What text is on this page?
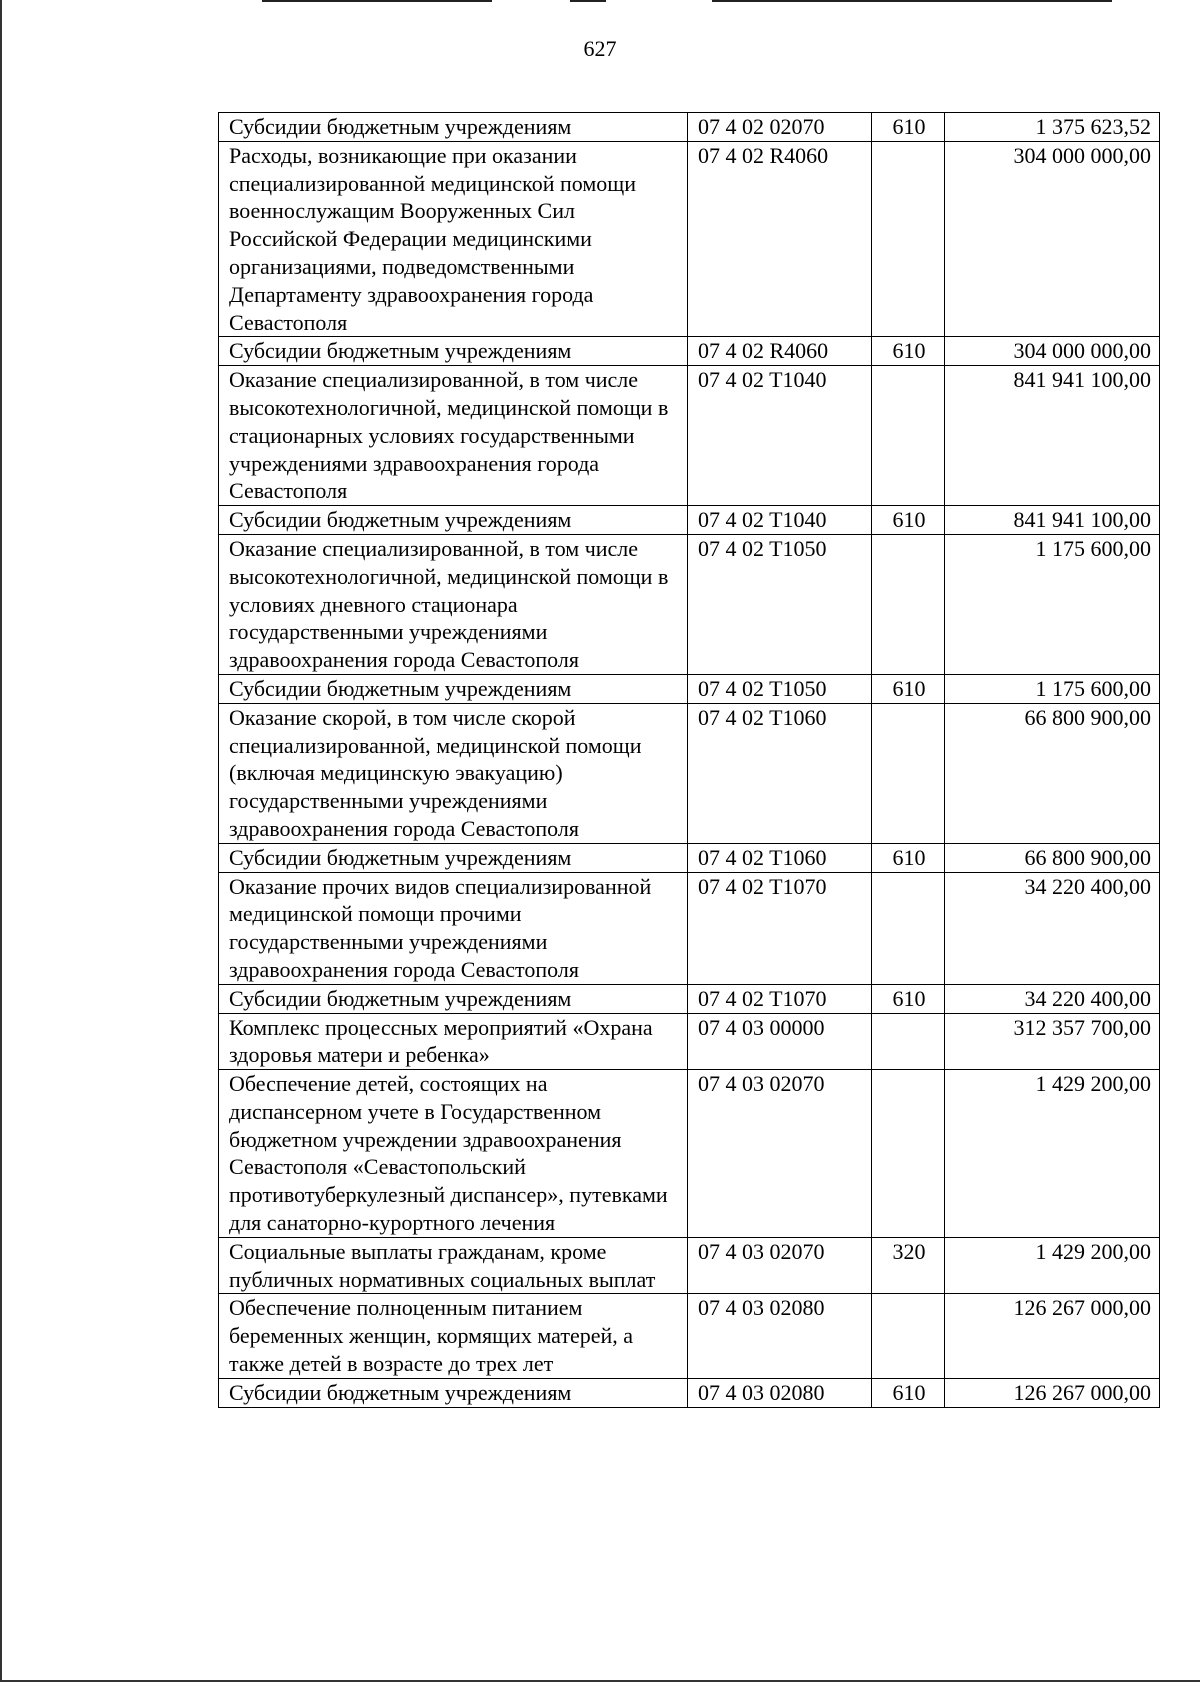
627
Субсидии бюджетным учреждениям	07 4 02 02070	610	1 375 623,52
Расходы, возникающие при оказании специализированной медицинской помощи военнослужащим Вооруженных Сил Российской Федерации медицинскими организациями, подведомственными Департаменту здравоохранения города Севастополя	07 4 02 R4060		304 000 000,00
Субсидии бюджетным учреждениям	07 4 02 R4060	610	304 000 000,00
Оказание специализированной, в том числе высокотехнологичной, медицинской помощи в стационарных условиях государственными учреждениями здравоохранения города Севастополя	07 4 02 T1040		841 941 100,00
Субсидии бюджетным учреждениям	07 4 02 T1040	610	841 941 100,00
Оказание специализированной, в том числе высокотехнологичной, медицинской помощи в условиях дневного стационара государственными учреждениями здравоохранения города Севастополя	07 4 02 T1050		1 175 600,00
Субсидии бюджетным учреждениям	07 4 02 T1050	610	1 175 600,00
Оказание скорой, в том числе скорой специализированной, медицинской помощи (включая медицинскую эвакуацию) государственными учреждениями здравоохранения города Севастополя	07 4 02 T1060		66 800 900,00
Субсидии бюджетным учреждениям	07 4 02 T1060	610	66 800 900,00
Оказание прочих видов специализированной медицинской помощи прочими государственными учреждениями здравоохранения города Севастополя	07 4 02 T1070		34 220 400,00
Субсидии бюджетным учреждениям	07 4 02 T1070	610	34 220 400,00
Комплекс процессных мероприятий «Охрана здоровья матери и ребенка»	07 4 03 00000		312 357 700,00
Обеспечение детей, состоящих на диспансерном учете в Государственном бюджетном учреждении здравоохранения Севастополя «Севастопольский противотуберкулезный диспансер», путевками для санаторно-курортного лечения	07 4 03 02070		1 429 200,00
Социальные выплаты гражданам, кроме публичных нормативных социальных выплат	07 4 03 02070	320	1 429 200,00
Обеспечение полноценным питанием беременных женщин, кормящих матерей, а также детей в возрасте до трех лет	07 4 03 02080		126 267 000,00
Субсидии бюджетным учреждениям	07 4 03 02080	610	126 267 000,00
